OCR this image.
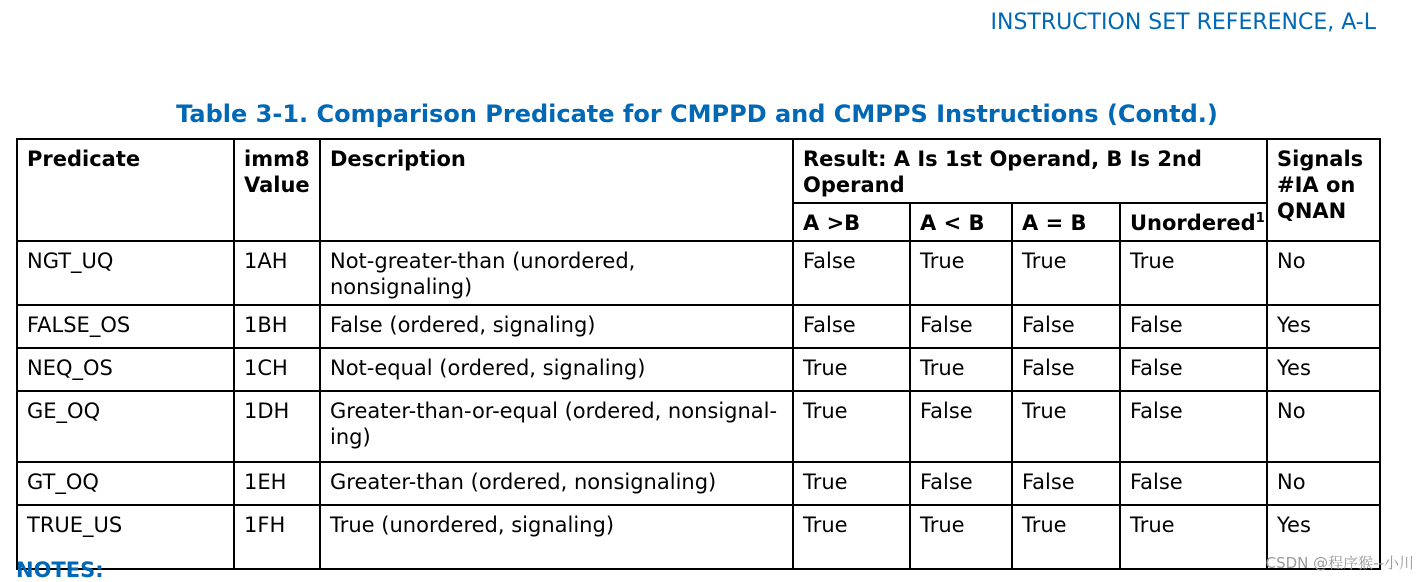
INSTRUCTION SET REFERENCE, A-L
Table 3-1. Comparison Predicate for CMPPD and CMPPS Instructions (Contd.)
Predicate	imm8 Value	Description	Result: A Is 1st Operand, B Is 2nd Operand				Signals #IA on QNAN
			A >B	A < B	A = B	Unordered$^1$
NGT_UQ	1AH	Not-greater-than (unordered, nonsignaling)	False	True	True	True	No
FALSE_OS	1BH	False (ordered, signaling)	False	False	False	False	Yes
NEQ_OS	1CH	Not-equal (ordered, signaling)	True	True	False	False	Yes
GE_OQ	1DH	Greater-than-or-equal (ordered, nonsignal-ing)	True	False	True	False	No
GT_OQ	1EH	Greater-than (ordered, nonsignaling)	True	False	False	False	No
TRUE_US	1FH	True (unordered, signaling)	True	True	True	True	Yes
NOTES:	CSDN @程序猴--小川
